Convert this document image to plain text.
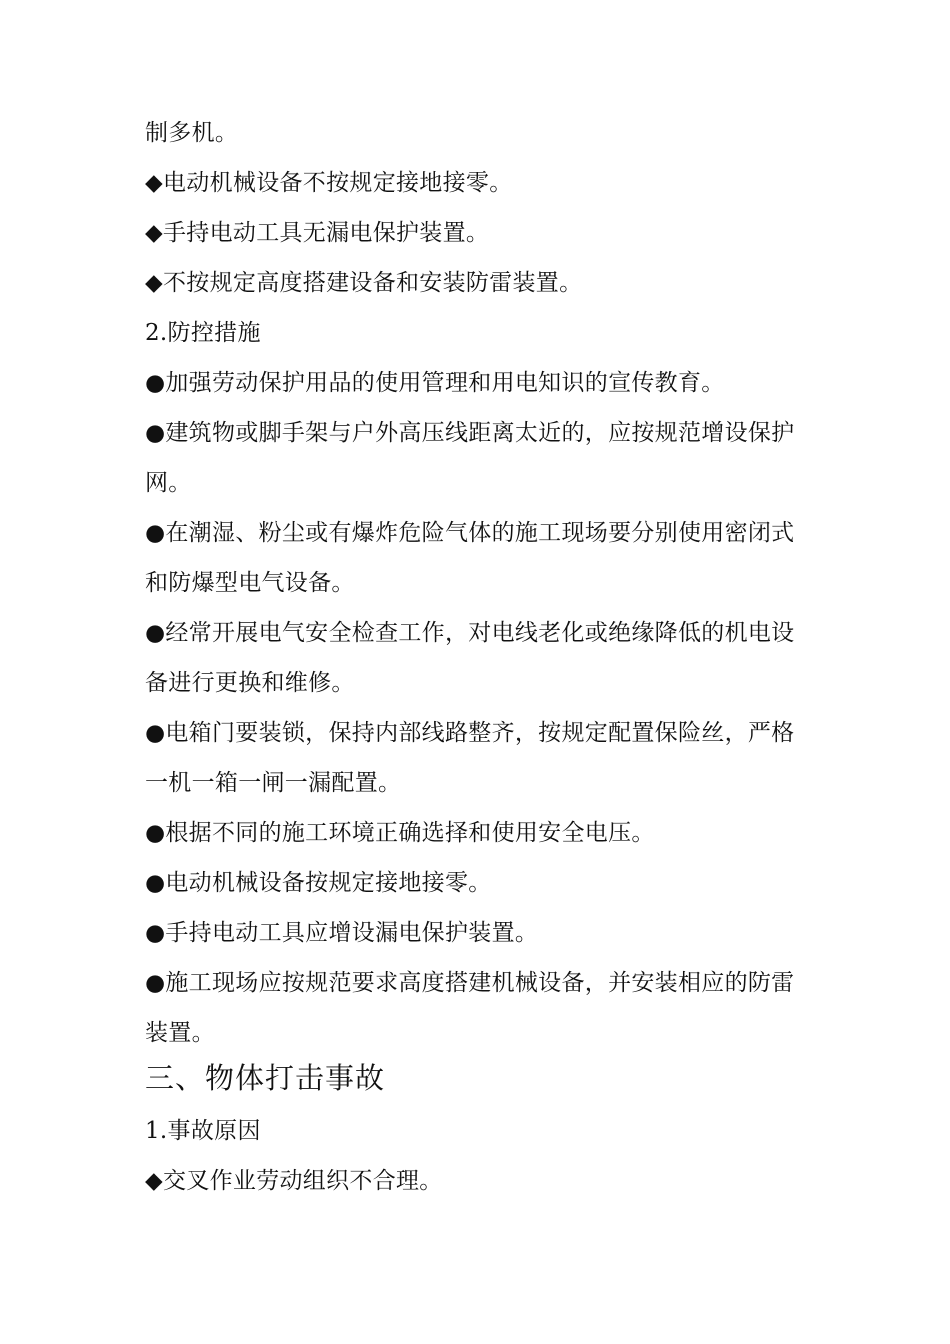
制多机。
◆电动机械设备不按规定接地接零。
◆手持电动工具无漏电保护装置。
◆不按规定高度搭建设备和安装防雷装置。
2.防控措施
●加强劳动保护用品的使用管理和用电知识的宣传教育。
●建筑物或脚手架与户外高压线距离太近的，应按规范增设保护
网。
●在潮湿、粉尘或有爆炸危险气体的施工现场要分别使用密闭式
和防爆型电气设备。
●经常开展电气安全检查工作，对电线老化或绝缘降低的机电设
备进行更换和维修。
●电箱门要装锁，保持内部线路整齐，按规定配置保险丝，严格
一机一箱一闸一漏配置。
●根据不同的施工环境正确选择和使用安全电压。
●电动机械设备按规定接地接零。
●手持电动工具应增设漏电保护装置。
●施工现场应按规范要求高度搭建机械设备，并安装相应的防雷
装置。
三、物体打击事故
1.事故原因
◆交叉作业劳动组织不合理。
